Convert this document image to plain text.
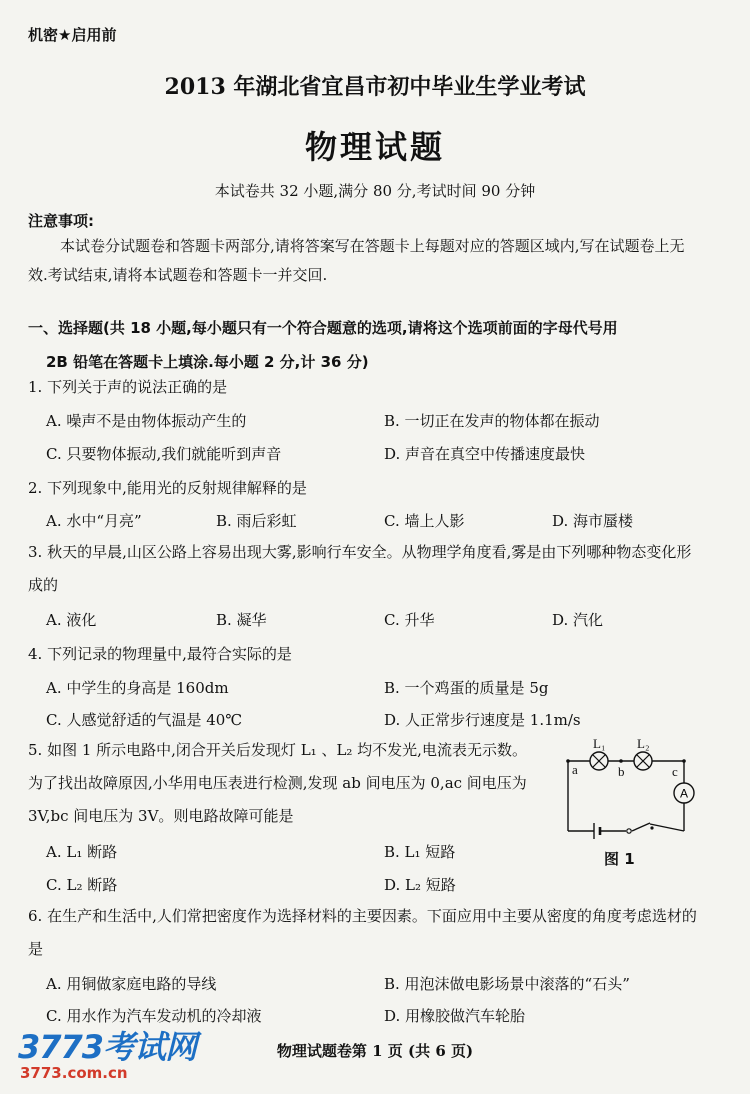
机密★启用前
2013 年湖北省宜昌市初中毕业生学业考试
物理试题
本试卷共 32 小题,满分 80 分,考试时间 90 分钟
注意事项:
本试卷分试题卷和答题卡两部分,请将答案写在答题卡上每题对应的答题区域内,写在试题卷上无效.考试结束,请将本试题卷和答题卡一并交回.
一、选择题(共 18 小题,每小题只有一个符合题意的选项,请将这个选项前面的字母代号用
2B 铅笔在答题卡上填涂.每小题 2 分,计 36 分)
1. 下列关于声的说法正确的是
A. 噪声不是由物体振动产生的	B. 一切正在发声的物体都在振动
C. 只要物体振动,我们就能听到声音	D. 声音在真空中传播速度最快
2. 下列现象中,能用光的反射规律解释的是
A. 水中“月亮”	B. 雨后彩虹	C. 墙上人影	D. 海市蜃楼
3. 秋天的早晨,山区公路上容易出现大雾,影响行车安全。从物理学角度看,雾是由下列哪种物态变化形成的
A. 液化	B. 凝华	C. 升华	D. 汽化
4. 下列记录的物理量中,最符合实际的是
A. 中学生的身高是 160dm	B. 一个鸡蛋的质量是 5g
C. 人感觉舒适的气温是 40℃	D. 人正常步行速度是 1.1m/s
5. 如图 1 所示电路中,闭合开关后发现灯 L₁ 、L₂ 均不发光,电流表无示数。为了找出故障原因,小华用电压表进行检测,发现 ab 间电压为 0,ac 间电压为 3V,bc 间电压为 3V。则电路故障可能是
A. L₁ 断路	B. L₁ 短路
C. L₂ 断路	D. L₂ 短路
A
L₁ L₂
a	b	c
图 1
6. 在生产和生活中,人们常把密度作为选择材料的主要因素。下面应用中主要从密度的角度考虑选材的是
A. 用铜做家庭电路的导线	B. 用泡沫做电影场景中滚落的“石头”
C. 用水作为汽车发动机的冷却液	D. 用橡胶做汽车轮胎
物理试题卷第 1 页 (共 6 页)
3773考试网
3773.com.cn
